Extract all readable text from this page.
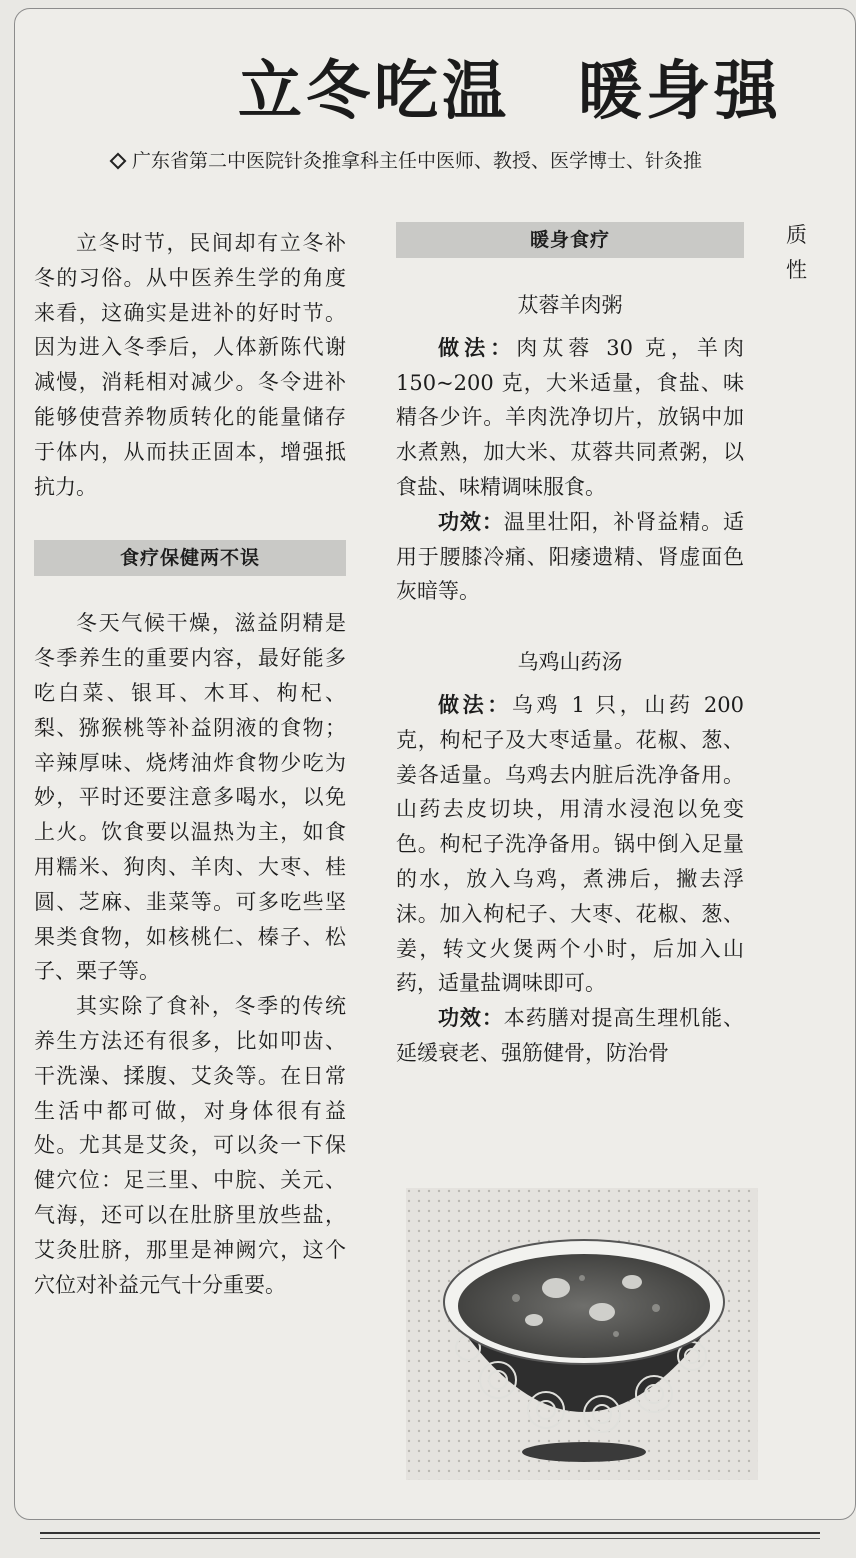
立冬吃温　暖身强
广东省第二中医院针灸推拿科主任中医师、教授、医学博士、针灸推

立冬时节，民间却有立冬补冬的习俗。从中医养生学的角度来看，这确实是进补的好时节。因为进入冬季后，人体新陈代谢减慢，消耗相对减少。冬令进补能够使营养物质转化的能量储存于体内，从而扶正固本，增强抵抗力。

食疗保健两不误

冬天气候干燥，滋益阴精是冬季养生的重要内容，最好能多吃白菜、银耳、木耳、枸杞、梨、猕猴桃等补益阴液的食物；辛辣厚味、烧烤油炸食物少吃为妙，平时还要注意多喝水，以免上火。饮食要以温热为主，如食用糯米、狗肉、羊肉、大枣、桂圆、芝麻、韭菜等。可多吃些坚果类食物，如核桃仁、榛子、松子、栗子等。

其实除了食补，冬季的传统养生方法还有很多，比如叩齿、干洗澡、揉腹、艾灸等。在日常生活中都可做，对身体很有益处。尤其是艾灸，可以灸一下保健穴位：足三里、中脘、关元、气海，还可以在肚脐里放些盐，艾灸肚脐，那里是神阙穴，这个穴位对补益元气十分重要。

暖身食疗
苁蓉羊肉粥

做法：肉苁蓉 30 克，羊肉 150~200 克，大米适量，食盐、味精各少许。羊肉洗净切片，放锅中加水煮熟，加大米、苁蓉共同煮粥，以食盐、味精调味服食。

功效：温里壮阳，补肾益精。适用于腰膝冷痛、阳痿遗精、肾虚面色灰暗等。

乌鸡山药汤

做法：乌鸡 1 只，山药 200 克，枸杞子及大枣适量。花椒、葱、姜各适量。乌鸡去内脏后洗净备用。山药去皮切块，用清水浸泡以免变色。枸杞子洗净备用。锅中倒入足量的水，放入乌鸡，煮沸后，撇去浮沫。加入枸杞子、大枣、花椒、葱、姜，转文火煲两个小时，后加入山药，适量盐调味即可。

功效：本药膳对提高生理机能、延缓衰老、强筋健骨，防治骨

质
性
